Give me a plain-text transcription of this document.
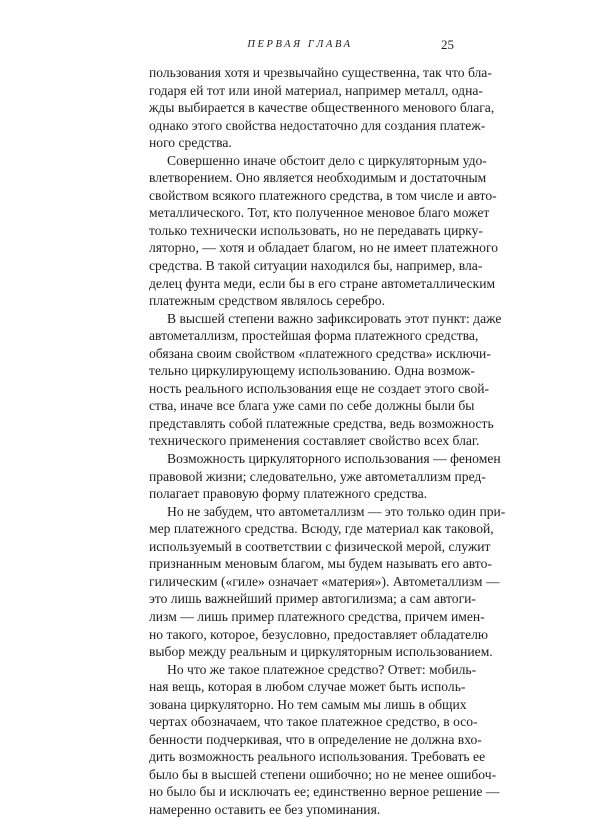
ПЕРВАЯ ГЛАВА	25
пользования хотя и чрезвычайно существенна, так что бла-
годаря ей тот или иной материал, например металл, одна-
жды выбирается в качестве общественного менового блага,
однако этого свойства недостаточно для создания платеж-
ного средства.
Совершенно иначе обстоит дело с циркуляторным удо-
влетворением. Оно является необходимым и достаточным
свойством всякого платежного средства, в том числе и авто-
металлического. Тот, кто полученное меновое благо может
только технически использовать, но не передавать цирку-
ляторно, — хотя и обладает благом, но не имеет платежного
средства. В такой ситуации находился бы, например, вла-
делец фунта меди, если бы в его стране автометаллическим
платежным средством являлось серебро.
В высшей степени важно зафиксировать этот пункт: даже
автометаллизм, простейшая форма платежного средства,
обязана своим свойством «платежного средства» исключи-
тельно циркулирующему использованию. Одна возмож-
ность реального использования еще не создает этого свой-
ства, иначе все блага уже сами по себе должны были бы
представлять собой платежные средства, ведь возможность
технического применения составляет свойство всех благ.
Возможность циркуляторного использования — феномен
правовой жизни; следовательно, уже автометаллизм пред-
полагает правовую форму платежного средства.
Но не забудем, что автометаллизм — это только один при-
мер платежного средства. Всюду, где материал как таковой,
используемый в соответствии с физической мерой, служит
признанным меновым благом, мы будем называть его авто-
гилическим («гиле» означает «материя»). Автометаллизм —
это лишь важнейший пример автогилизма; а сам автоги-
лизм — лишь пример платежного средства, причем имен-
но такого, которое, безусловно, предоставляет обладателю
выбор между реальным и циркуляторным использованием.
Но что же такое платежное средство? Ответ: мобиль-
ная вещь, которая в любом случае может быть исполь-
зована циркуляторно. Но тем самым мы лишь в общих
чертах обозначаем, что такое платежное средство, в осо-
бенности подчеркивая, что в определение не должна вхо-
дить возможность реального использования. Требовать ее
было бы в высшей степени ошибочно; но не менее ошибоч-
но было бы и исключать ее; единственно верное решение —
намеренно оставить ее без упоминания.
